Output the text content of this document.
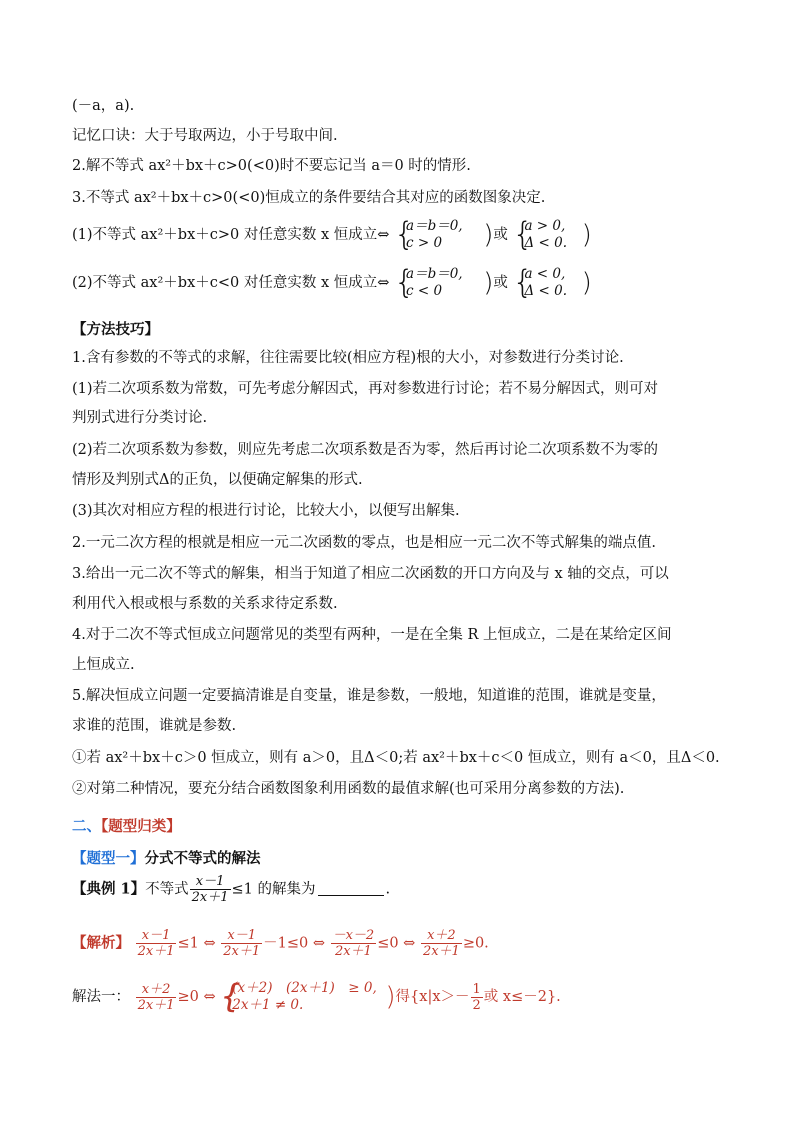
(－a，a).
记忆口诀：大于号取两边，小于号取中间.
2.解不等式 ax²＋bx＋c>0(<0)时不要忘记当 a＝0 时的情形.
3.不等式 ax²＋bx＋c>0(<0)恒成立的条件要结合其对应的函数图象决定.
(1)不等式 ax²＋bx＋c>0 对任意实数 x 恒成立⇔ {
a＝b＝0,
c > 0	)或 {
a > 0,
Δ < 0. )
(2)不等式 ax²＋bx＋c<0 对任意实数 x 恒成立⇔ {
a＝b＝0,
c < 0	)或 {
a < 0,
Δ < 0. )
【方法技巧】
1.含有参数的不等式的求解，往往需要比较(相应方程)根的大小，对参数进行分类讨论.
(1)若二次项系数为常数，可先考虑分解因式，再对参数进行讨论；若不易分解因式，则可对
判别式进行分类讨论.
(2)若二次项系数为参数，则应先考虑二次项系数是否为零，然后再讨论二次项系数不为零的
情形及判别式Δ的正负，以便确定解集的形式.
(3)其次对相应方程的根进行讨论，比较大小，以便写出解集.
2.一元二次方程的根就是相应一元二次函数的零点，也是相应一元二次不等式解集的端点值.
3.给出一元二次不等式的解集，相当于知道了相应二次函数的开口方向及与 x 轴的交点，可以
利用代入根或根与系数的关系求待定系数.
4.对于二次不等式恒成立问题常见的类型有两种，一是在全集 R 上恒成立，二是在某给定区间
上恒成立.
5.解决恒成立问题一定要搞清谁是自变量，谁是参数，一般地，知道谁的范围，谁就是变量，
求谁的范围，谁就是参数.
①若 ax²＋bx＋c＞0 恒成立，则有 a＞0，且Δ＜0;若 ax²＋bx＋c＜0 恒成立，则有 a＜0，且Δ＜0.
②对第二种情况，要充分结合函数图象利用函数的最值求解(也可采用分离参数的方法).
二、【题型归类】
【题型一】分式不等式的解法
【典例 1】不等式 $\frac{x-1}{2x+1} \le 1$ 的解集为	.
【解析】 $\frac{x-1}{2x+1} \le 1$ ⇔ $\frac{x-1}{2x+1} -1\le 0$ ⇔ $\frac{-x-2}{2x+1} \le 0$ ⇔ $\frac{x+2}{2x+1} \ge 0$.
解法一： $\frac{x+2}{2x+1} \ge 0$ ⇔ {
(x＋2)　(2x＋1)　≥ 0,
2x＋1 ≠ 0.	)得{$x|x>- \frac{1}{2}$ 或 x≤－2}.
